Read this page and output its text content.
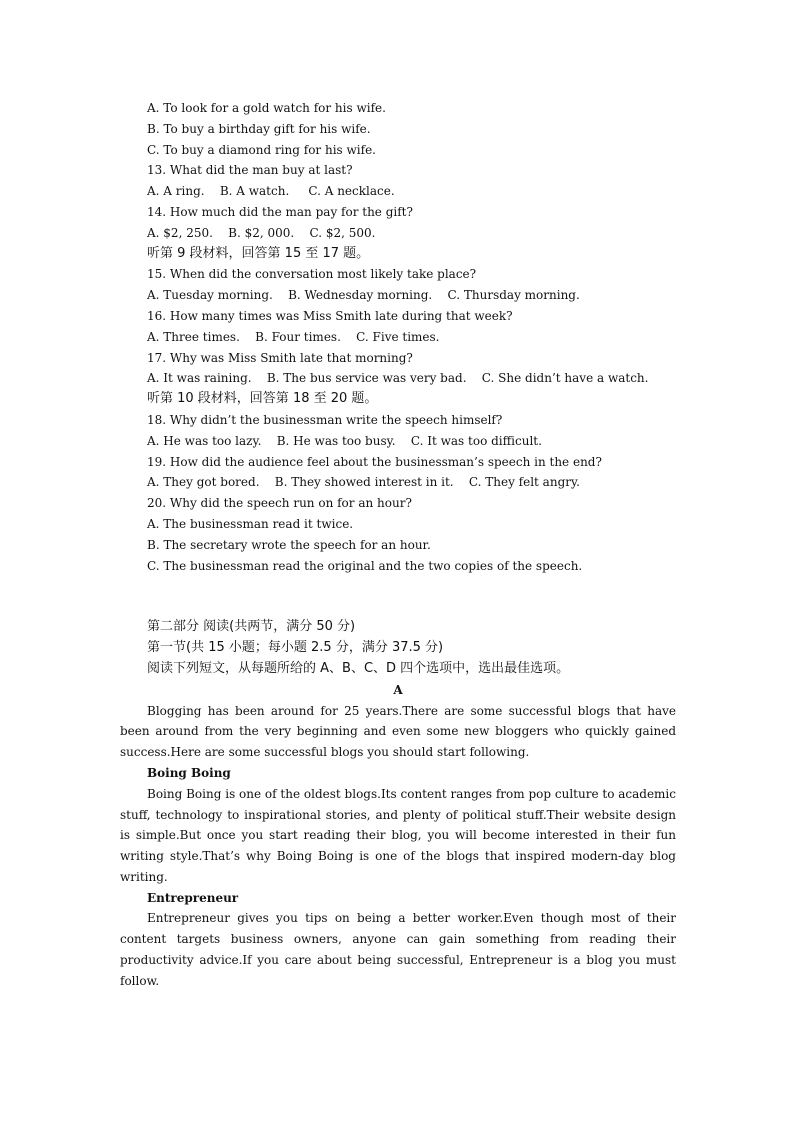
A. To look for a gold watch for his wife.
B. To buy a birthday gift for his wife.
C. To buy a diamond ring for his wife.
13. What did the man buy at last?
A. A ring.    B. A watch.     C. A necklace.
14. How much did the man pay for the gift?
A. $2, 250.    B. $2, 000.    C. $2, 500.
听第 9 段材料，回答第 15 至 17 题。
15. When did the conversation most likely take place?
A. Tuesday morning.    B. Wednesday morning.    C. Thursday morning.
16. How many times was Miss Smith late during that week?
A. Three times.    B. Four times.    C. Five times.
17. Why was Miss Smith late that morning?
A. It was raining.    B. The bus service was very bad.    C. She didn’t have a watch.
听第 10 段材料，回答第 18 至 20 题。
18. Why didn’t the businessman write the speech himself?
A. He was too lazy.    B. He was too busy.    C. It was too difficult.
19. How did the audience feel about the businessman’s speech in the end?
A. They got bored.    B. They showed interest in it.    C. They felt angry.
20. Why did the speech run on for an hour?
A. The businessman read it twice.
B. The secretary wrote the speech for an hour.
C. The businessman read the original and the two copies of the speech.
第二部分 阅读(共两节，满分 50 分)
第一节(共 15 小题；每小题 2.5 分，满分 37.5 分)
阅读下列短文，从每题所给的 A、B、C、D 四个选项中，选出最佳选项。
A
Blogging has been around for 25 years.There are some successful blogs that have been around from the very beginning and even some new bloggers who quickly gained success.Here are some successful blogs you should start following.
Boing Boing
Boing Boing is one of the oldest blogs.Its content ranges from pop culture to academic stuff, technology to inspirational stories, and plenty of political stuff.Their website design is simple.But once you start reading their blog, you will become interested in their fun writing style.That’s why Boing Boing is one of the blogs that inspired modern-day blog writing.
Entrepreneur
Entrepreneur gives you tips on being a better worker.Even though most of their content targets business owners, anyone can gain something from reading their productivity advice.If you care about being successful, Entrepreneur is a blog you must follow.
